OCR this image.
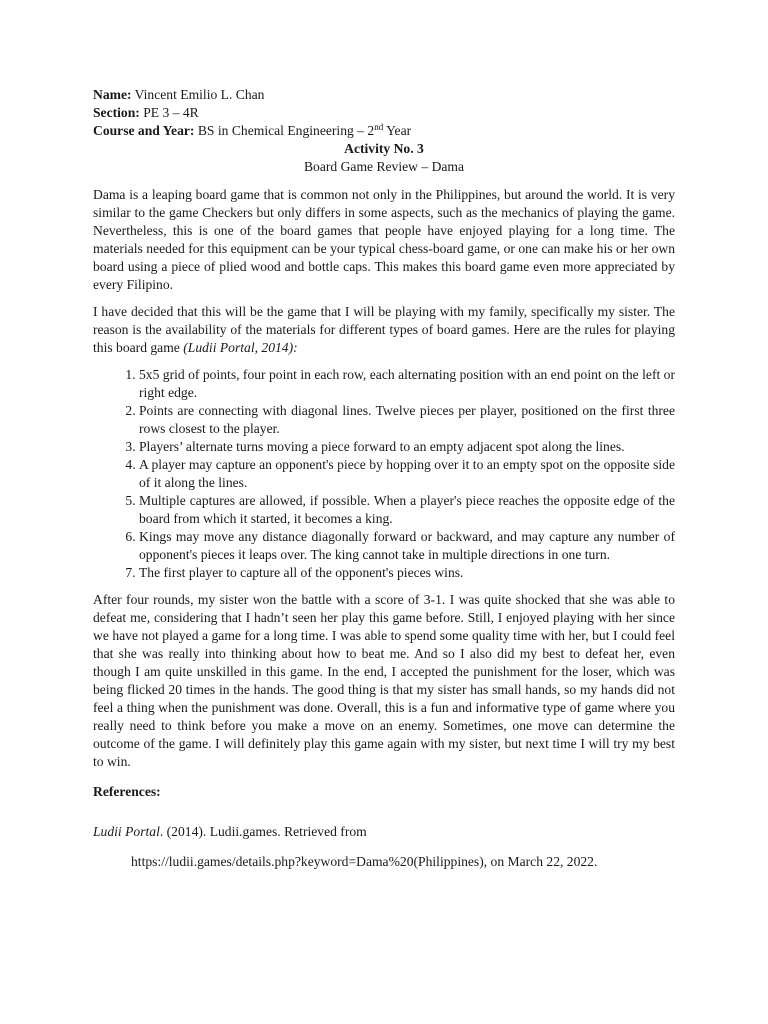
Name: Vincent Emilio L. Chan

Section: PE 3 – 4R

Course and Year: BS in Chemical Engineering – 2nd Year

Activity No. 3

Board Game Review – Dama

Dama is a leaping board game that is common not only in the Philippines, but around the world. It is very similar to the game Checkers but only differs in some aspects, such as the mechanics of playing the game. Nevertheless, this is one of the board games that people have enjoyed playing for a long time. The materials needed for this equipment can be your typical chess-board game, or one can make his or her own board using a piece of plied wood and bottle caps. This makes this board game even more appreciated by every Filipino.

I have decided that this will be the game that I will be playing with my family, specifically my sister. The reason is the availability of the materials for different types of board games. Here are the rules for playing this board game (Ludii Portal, 2014):

1. 5x5 grid of points, four point in each row, each alternating position with an end point on the left or right edge.
2. Points are connecting with diagonal lines. Twelve pieces per player, positioned on the first three rows closest to the player.
3. Players’ alternate turns moving a piece forward to an empty adjacent spot along the lines.
4. A player may capture an opponent's piece by hopping over it to an empty spot on the opposite side of it along the lines.
5. Multiple captures are allowed, if possible. When a player's piece reaches the opposite edge of the board from which it started, it becomes a king.
6. Kings may move any distance diagonally forward or backward, and may capture any number of opponent's pieces it leaps over. The king cannot take in multiple directions in one turn.
7. The first player to capture all of the opponent's pieces wins.

After four rounds, my sister won the battle with a score of 3-1. I was quite shocked that she was able to defeat me, considering that I hadn’t seen her play this game before. Still, I enjoyed playing with her since we have not played a game for a long time. I was able to spend some quality time with her, but I could feel that she was really into thinking about how to beat me. And so I also did my best to defeat her, even though I am quite unskilled in this game. In the end, I accepted the punishment for the loser, which was being flicked 20 times in the hands. The good thing is that my sister has small hands, so my hands did not feel a thing when the punishment was done. Overall, this is a fun and informative type of game where you really need to think before you make a move on an enemy. Sometimes, one move can determine the outcome of the game. I will definitely play this game again with my sister, but next time I will try my best to win.

References:

Ludii Portal. (2014). Ludii.games. Retrieved from

https://ludii.games/details.php?keyword=Dama%20(Philippines), on March 22, 2022.
